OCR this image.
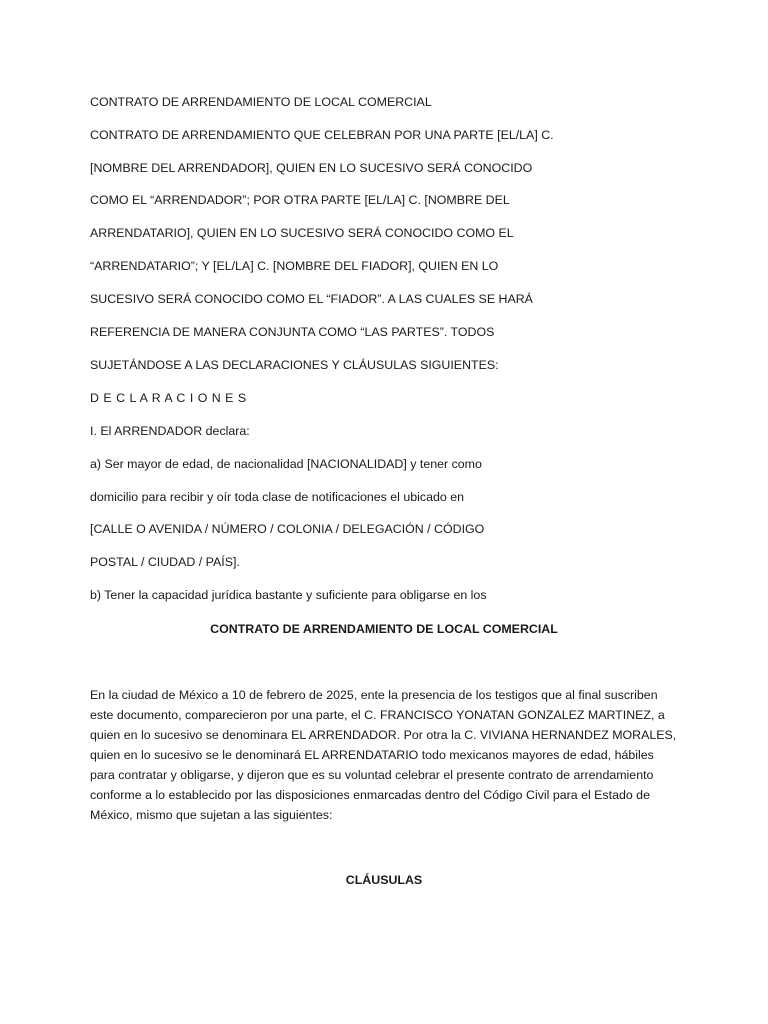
CONTRATO DE ARRENDAMIENTO DE LOCAL COMERCIAL
CONTRATO DE ARRENDAMIENTO QUE CELEBRAN POR UNA PARTE [EL/LA] C.
[NOMBRE DEL ARRENDADOR], QUIEN EN LO SUCESIVO SERÁ CONOCIDO
COMO EL “ARRENDADOR”; POR OTRA PARTE [EL/LA] C. [NOMBRE DEL
ARRENDATARIO], QUIEN EN LO SUCESIVO SERÁ CONOCIDO COMO EL
“ARRENDATARIO”; Y [EL/LA] C. [NOMBRE DEL FIADOR], QUIEN EN LO
SUCESIVO SERÁ CONOCIDO COMO EL “FIADOR”. A LAS CUALES SE HARÁ
REFERENCIA DE MANERA CONJUNTA COMO “LAS PARTES”. TODOS
SUJETÁNDOSE A LAS DECLARACIONES Y CLÁUSULAS SIGUIENTES:
D E C L A R A C I O N E S
I. El ARRENDADOR declara:
a) Ser mayor de edad, de nacionalidad [NACIONALIDAD] y tener como
domicilio para recibir y oír toda clase de notificaciones el ubicado en
[CALLE O AVENIDA / NÚMERO / COLONIA / DELEGACIÓN / CÓDIGO
POSTAL / CIUDAD / PAÍS].
b) Tener la capacidad jurídica bastante y suficiente para obligarse en los
CONTRATO DE ARRENDAMIENTO DE LOCAL COMERCIAL
En la ciudad de México a 10 de febrero de 2025, ente la presencia de los testigos que al final suscriben este documento, comparecieron por una parte, el C. FRANCISCO YONATAN GONZALEZ MARTINEZ, a quien en lo sucesivo se denominara EL ARRENDADOR. Por otra la C. VIVIANA HERNANDEZ MORALES, quien en lo sucesivo se le denominará EL ARRENDATARIO todo mexicanos mayores de edad, hábiles para contratar y obligarse, y dijeron que es su voluntad celebrar el presente contrato de arrendamiento conforme a lo establecido por las disposiciones enmarcadas dentro del Código Civil para el Estado de México, mismo que sujetan a las siguientes:
CLÁUSULAS
